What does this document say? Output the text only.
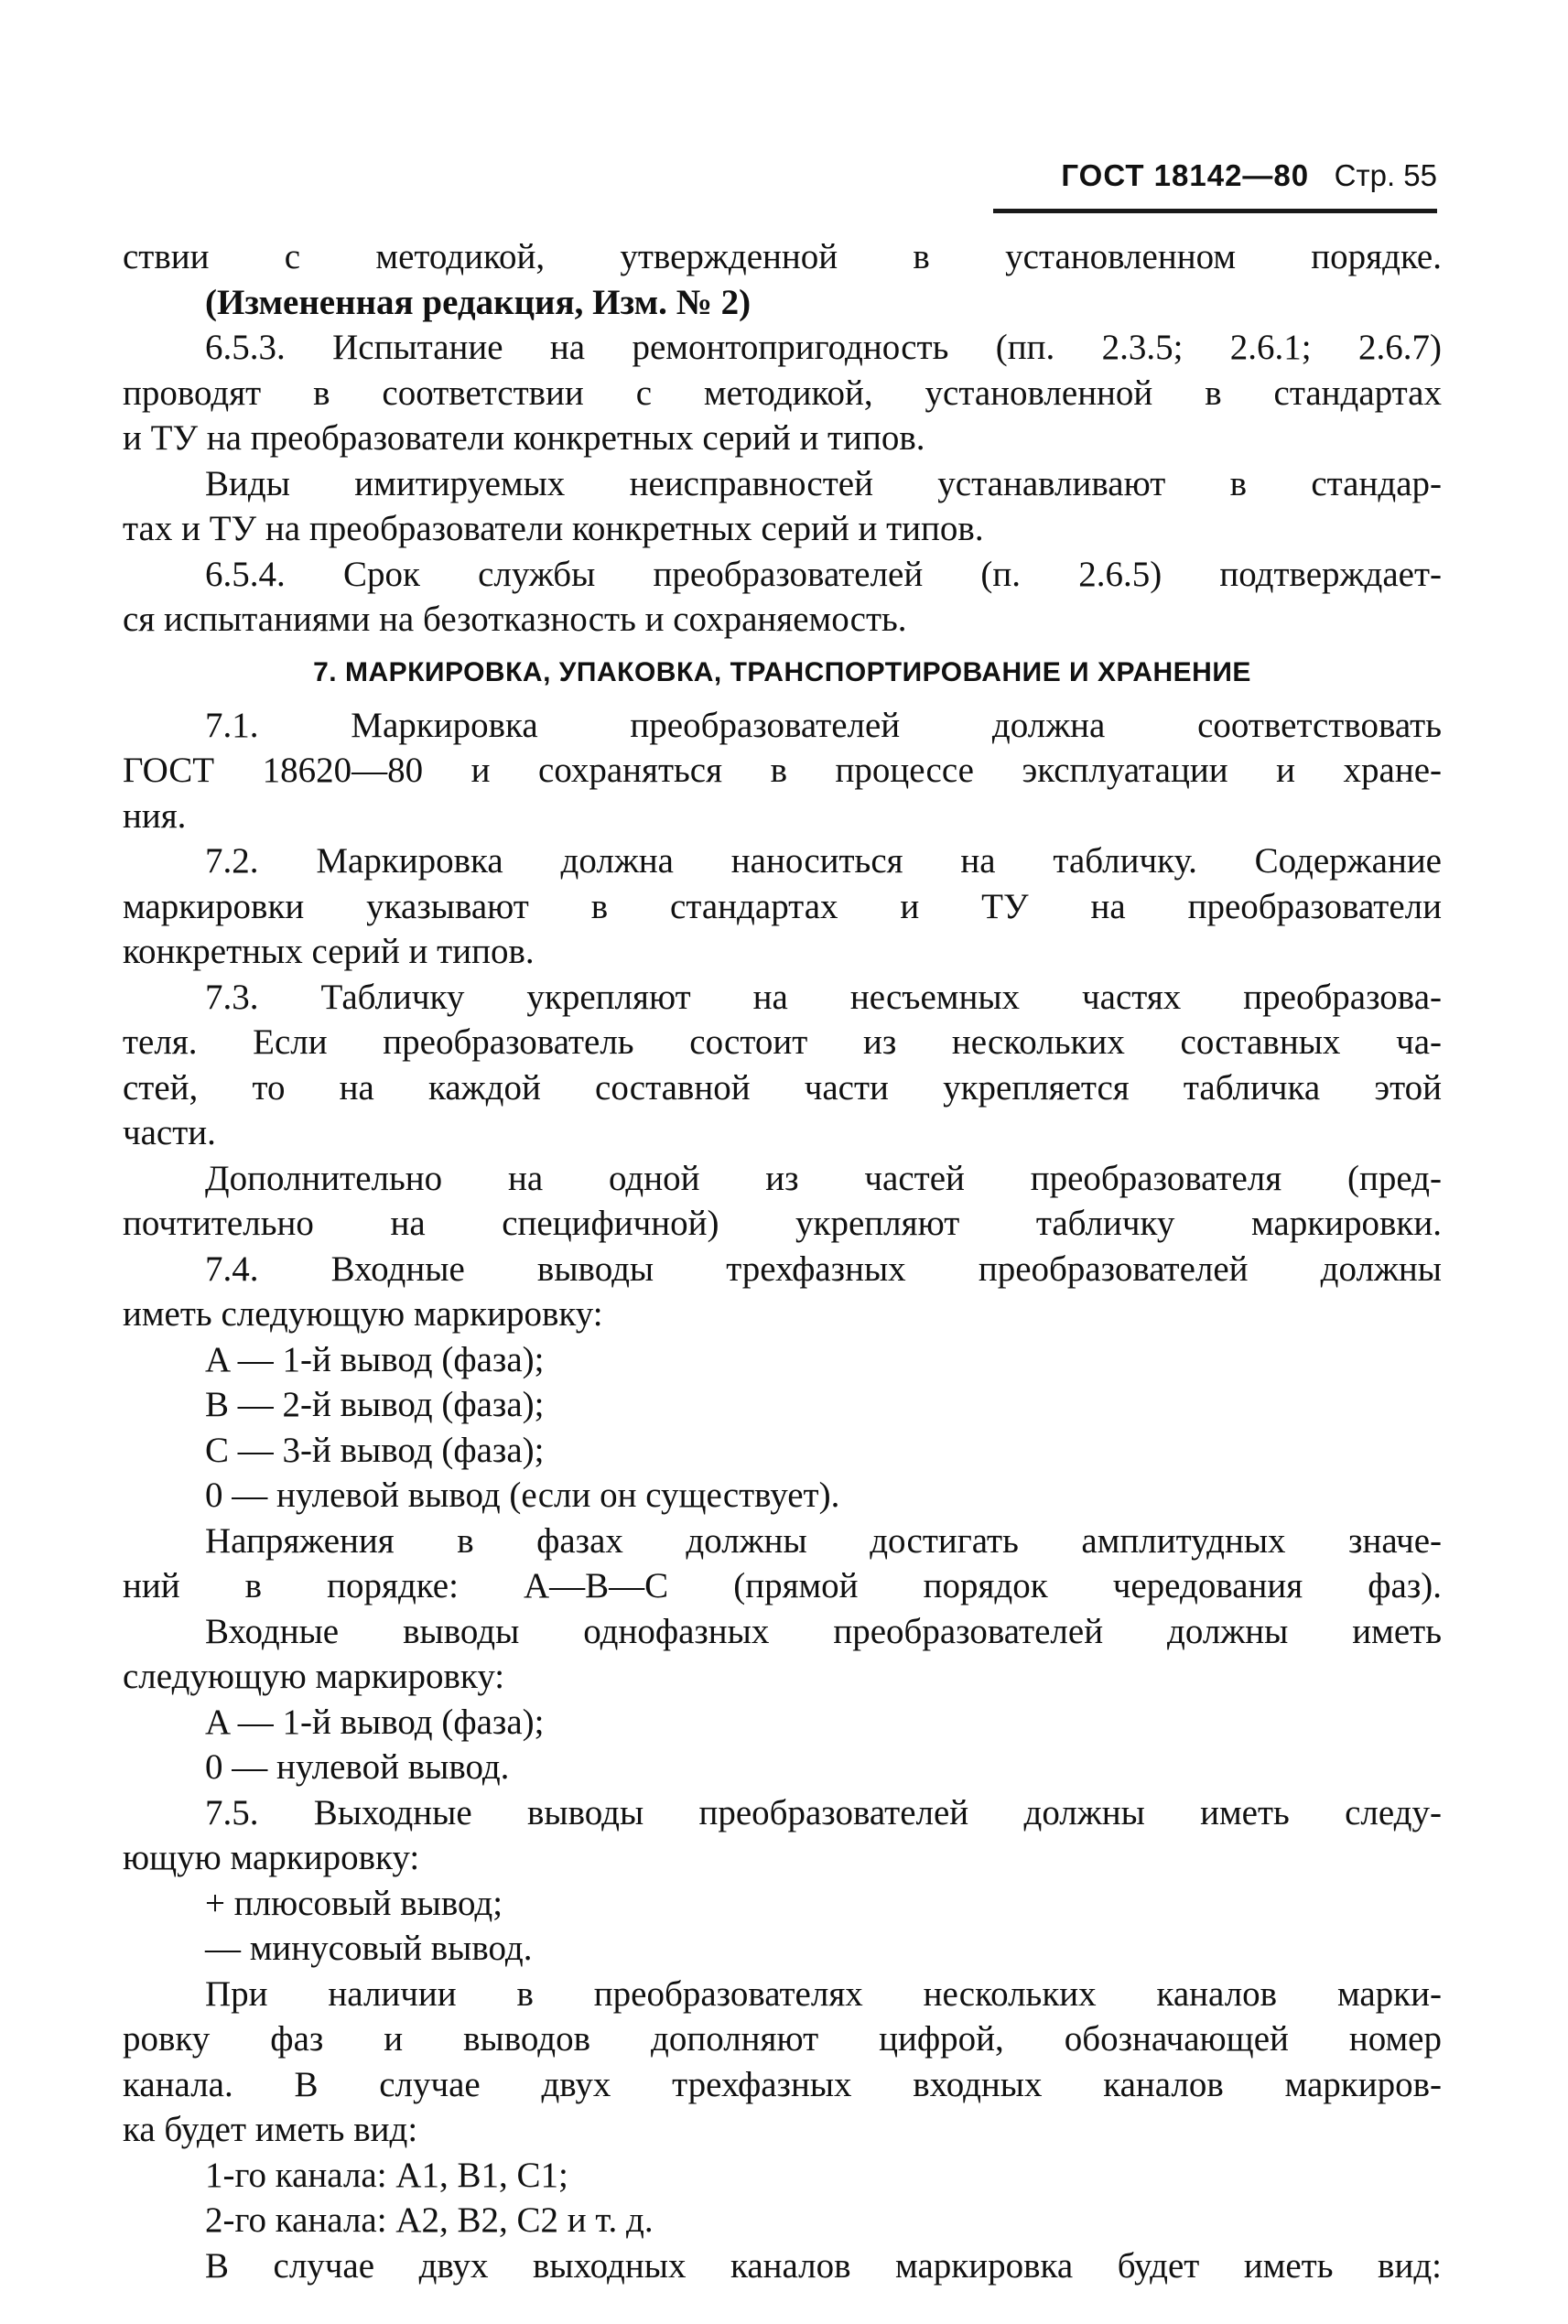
ГОСТ 18142—80 Стр. 55
ствии с методикой, утвержденной в установленном порядке.
(Измененная редакция, Изм. № 2)
6.5.3. Испытание на ремонтопригодность (пп. 2.3.5; 2.6.1; 2.6.7)
проводят в соответствии с методикой, установленной в стандартах
и ТУ на преобразователи конкретных серий и типов.
Виды имитируемых неисправностей устанавливают в стандар-
тах и ТУ на преобразователи конкретных серий и типов.
6.5.4. Срок службы преобразователей (п. 2.6.5) подтверждает-
ся испытаниями на безотказность и сохраняемость.
7. МАРКИРОВКА, УПАКОВКА, ТРАНСПОРТИРОВАНИЕ И ХРАНЕНИЕ
7.1. Маркировка преобразователей должна соответствовать
ГОСТ 18620—80 и сохраняться в процессе эксплуатации и хране-
ния.
7.2. Маркировка должна наноситься на табличку. Содержание
маркировки указывают в стандартах и ТУ на преобразователи
конкретных серий и типов.
7.3. Табличку укрепляют на несъемных частях преобразова-
теля. Если преобразователь состоит из нескольких составных ча-
стей, то на каждой составной части укрепляется табличка этой
части.
Дополнительно на одной из частей преобразователя (пред-
почтительно на специфичной) укрепляют табличку маркировки.
7.4. Входные выводы трехфазных преобразователей должны
иметь следующую маркировку:
A — 1-й вывод (фаза);
B — 2-й вывод (фаза);
C — 3-й вывод (фаза);
0 — нулевой вывод (если он существует).
Напряжения в фазах должны достигать амплитудных значе-
ний в порядке: A—B—C (прямой порядок чередования фаз).
Входные выводы однофазных преобразователей должны иметь
следующую маркировку:
A — 1-й вывод (фаза);
0 — нулевой вывод.
7.5. Выходные выводы преобразователей должны иметь следу-
ющую маркировку:
+ плюсовый вывод;
— минусовый вывод.
При наличии в преобразователях нескольких каналов марки-
ровку фаз и выводов дополняют цифрой, обозначающей номер
канала. В случае двух трехфазных входных каналов маркиров-
ка будет иметь вид:
1-го канала: A1, B1, C1;
2-го канала: A2, B2, C2 и т. д.
В случае двух выходных каналов маркировка будет иметь вид:
